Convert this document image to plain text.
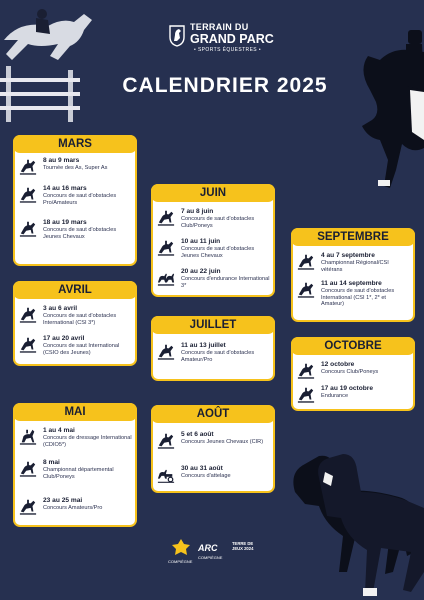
TERRAIN DU
GRAND PARC
• SPORTS ÉQUESTRES •
CALENDRIER 2025
MARS
8 au 9 mars
Tournée des As, Super As
14 au 16 mars
Concours de saut d'obstacles Pro/Amateurs
18 au 19 mars
Concours de saut d'obstacles Jeunes Chevaux
AVRIL
3 au 6 avril
Concours de saut d'obstacles International (CSI 3*)
17 au 20 avril
Concours de saut International (CSIO des Jeunes)
MAI
1 au 4 mai
Concours de dressage International (CDIO5*)
8 mai
Championnat départemental Club/Poneys
23 au 25 mai
Concours Amateurs/Pro
JUIN
7 au 8 juin
Concours de saut d'obstacles Club/Poneys
10 au 11 juin
Concours de saut d'obstacles Jeunes Chevaux
20 au 22 juin
Concours d'endurance International 3*
JUILLET
11 au 13 juillet
Concours de saut d'obstacles Amateur/Pro
AOÛT
5 et 6 août
Concours Jeunes Chevaux (CIR)
30 au 31 août
Concours d'attelage
SEPTEMBRE
4 au 7 septembre
Championnat Régional/CSI vétérans
11 au 14 septembre
Concours de saut d'obstacles International (CSI 1*, 2* et Amateur)
OCTOBRE
12 octobre
Concours Club/Poneys
17 au 19 octobre
Endurance
COMPIÈGNE
ARC
COMPIÈGNE
TERRE DE JEUX 2024
